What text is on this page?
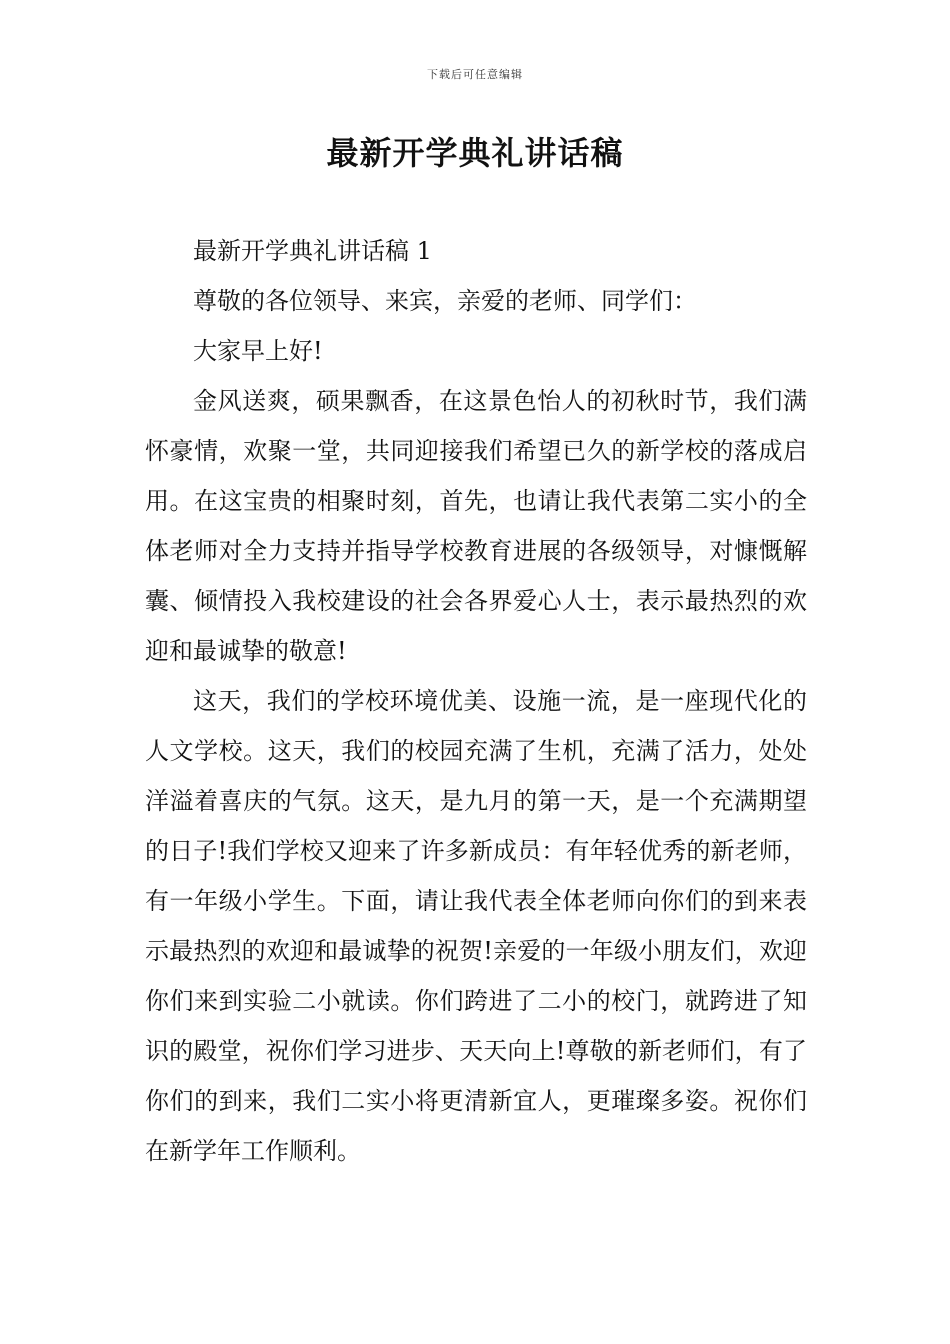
下载后可任意编辑
最新开学典礼讲话稿

最新开学典礼讲话稿 1

尊敬的各位领导、来宾，亲爱的老师、同学们：

大家早上好!

金风送爽，硕果飘香，在这景色怡人的初秋时节，我们满怀豪情，欢聚一堂，共同迎接我们希望已久的新学校的落成启用。在这宝贵的相聚时刻，首先，也请让我代表第二实小的全体老师对全力支持并指导学校教育进展的各级领导，对慷慨解囊、倾情投入我校建设的社会各界爱心人士，表示最热烈的欢迎和最诚挚的敬意!

这天，我们的学校环境优美、设施一流，是一座现代化的人文学校。这天，我们的校园充满了生机，充满了活力，处处洋溢着喜庆的气氛。这天，是九月的第一天，是一个充满期望的日子!我们学校又迎来了许多新成员：有年轻优秀的新老师，有一年级小学生。下面，请让我代表全体老师向你们的到来表示最热烈的欢迎和最诚挚的祝贺!亲爱的一年级小朋友们，欢迎你们来到实验二小就读。你们跨进了二小的校门，就跨进了知识的殿堂，祝你们学习进步、天天向上!尊敬的新老师们，有了你们的到来，我们二实小将更清新宜人，更璀璨多姿。祝你们在新学年工作顺利。
